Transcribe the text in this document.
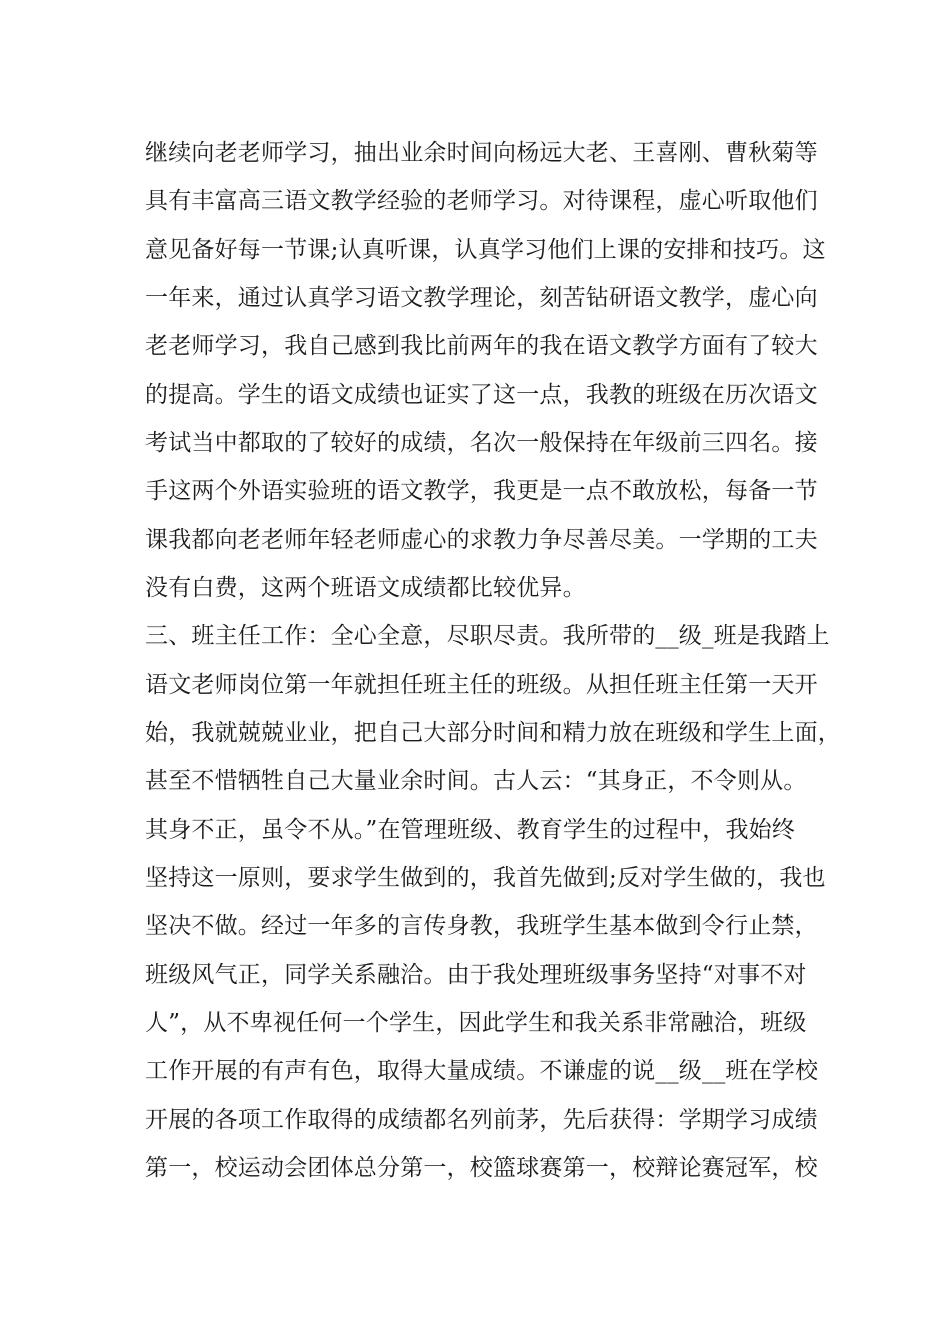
继续向老老师学习，抽出业余时间向杨远大老、王喜刚、曹秋菊等
具有丰富高三语文教学经验的老师学习。对待课程，虚心听取他们
意见备好每一节课;认真听课，认真学习他们上课的安排和技巧。这
一年来，通过认真学习语文教学理论，刻苦钻研语文教学，虚心向
老老师学习，我自己感到我比前两年的我在语文教学方面有了较大
的提高。学生的语文成绩也证实了这一点，我教的班级在历次语文
考试当中都取的了较好的成绩，名次一般保持在年级前三四名。接
手这两个外语实验班的语文教学，我更是一点不敢放松，每备一节
课我都向老老师年轻老师虚心的求教力争尽善尽美。一学期的工夫
没有白费，这两个班语文成绩都比较优异。
三、班主任工作：全心全意，尽职尽责。我所带的__级_班是我踏上
语文老师岗位第一年就担任班主任的班级。从担任班主任第一天开
始，我就兢兢业业，把自己大部分时间和精力放在班级和学生上面，
甚至不惜牺牲自己大量业余时间。古人云：“其身正，不令则从。
其身不正，虽令不从。”在管理班级、教育学生的过程中，我始终
坚持这一原则，要求学生做到的，我首先做到;反对学生做的，我也
坚决不做。经过一年多的言传身教，我班学生基本做到令行止禁，
班级风气正，同学关系融洽。由于我处理班级事务坚持“对事不对
人”，从不卑视任何一个学生，因此学生和我关系非常融洽，班级
工作开展的有声有色，取得大量成绩。不谦虚的说__级__班在学校
开展的各项工作取得的成绩都名列前茅，先后获得：学期学习成绩
第一，校运动会团体总分第一，校篮球赛第一，校辩论赛冠军，校
